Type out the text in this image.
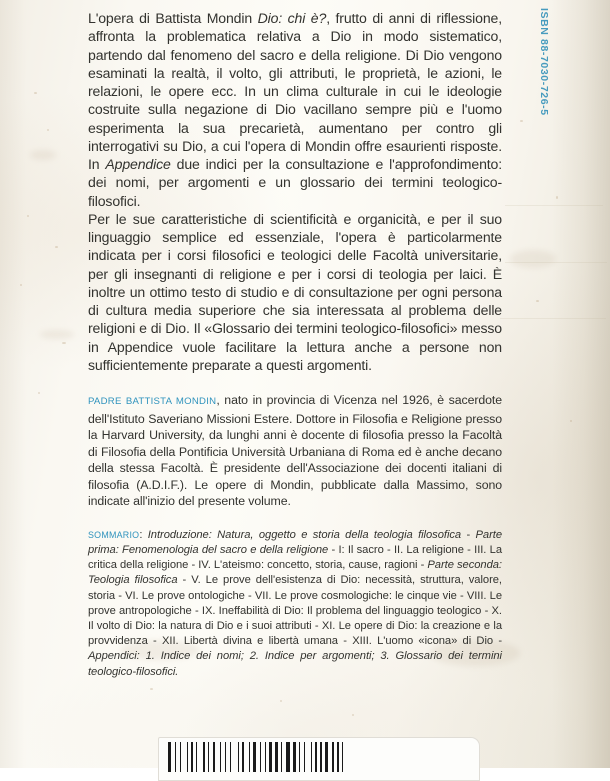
ISBN 88-7030-726-5

L'opera di Battista Mondin Dio: chi è?, frutto di anni di riflessione, affronta la problematica relativa a Dio in modo sistematico, partendo dal fenomeno del sacro e della religione. Di Dio vengono esaminati la realtà, il volto, gli attributi, le proprietà, le azioni, le relazioni, le opere ecc. In un clima culturale in cui le ideologie costruite sulla negazione di Dio vacillano sempre più e l'uomo esperimenta la sua precarietà, aumentano per contro gli interrogativi su Dio, a cui l'opera di Mondin offre esaurienti risposte. In Appendice due indici per la consultazione e l'approfondimento: dei nomi, per argomenti e un glossario dei termini teologico-filosofici.

Per le sue caratteristiche di scientificità e organicità, e per il suo linguaggio semplice ed essenziale, l'opera è particolarmente indicata per i corsi filosofici e teologici delle Facoltà universitarie, per gli insegnanti di religione e per i corsi di teologia per laici. È inoltre un ottimo testo di studio e di consultazione per ogni persona di cultura media superiore che sia interessata al problema delle religioni e di Dio. Il «Glossario dei termini teologico-filosofici» messo in Appendice vuole facilitare la lettura anche a persone non sufficientemente preparate a questi argomenti.

PADRE BATTISTA MONDIN, nato in provincia di Vicenza nel 1926, è sacerdote dell'Istituto Saveriano Missioni Estere. Dottore in Filosofia e Religione presso la Harvard University, da lunghi anni è docente di filosofia presso la Facoltà di Filosofia della Pontificia Università Urbaniana di Roma ed è anche decano della stessa Facoltà. È presidente dell'Associazione dei docenti italiani di filosofia (A.D.I.F.). Le opere di Mondin, pubblicate dalla Massimo, sono indicate all'inizio del presente volume.

SOMMARIO: Introduzione: Natura, oggetto e storia della teologia filosofica - Parte prima: Fenomenologia del sacro e della religione - I: Il sacro - II. La religione - III. La critica della religione - IV. L'ateismo: concetto, storia, cause, ragioni - Parte seconda: Teologia filosofica - V. Le prove dell'esistenza di Dio: necessità, struttura, valore, storia - VI. Le prove ontologiche - VII. Le prove cosmologiche: le cinque vie - VIII. Le prove antropologiche - IX. Ineffabilità di Dio: Il problema del linguaggio teologico - X. Il volto di Dio: la natura di Dio e i suoi attributi - XI. Le opere di Dio: la creazione e la provvidenza - XII. Libertà divina e libertà umana - XIII. L'uomo «icona» di Dio - Appendici: 1. Indice dei nomi; 2. Indice per argomenti; 3. Glossario dei termini teologico-filosofici.
